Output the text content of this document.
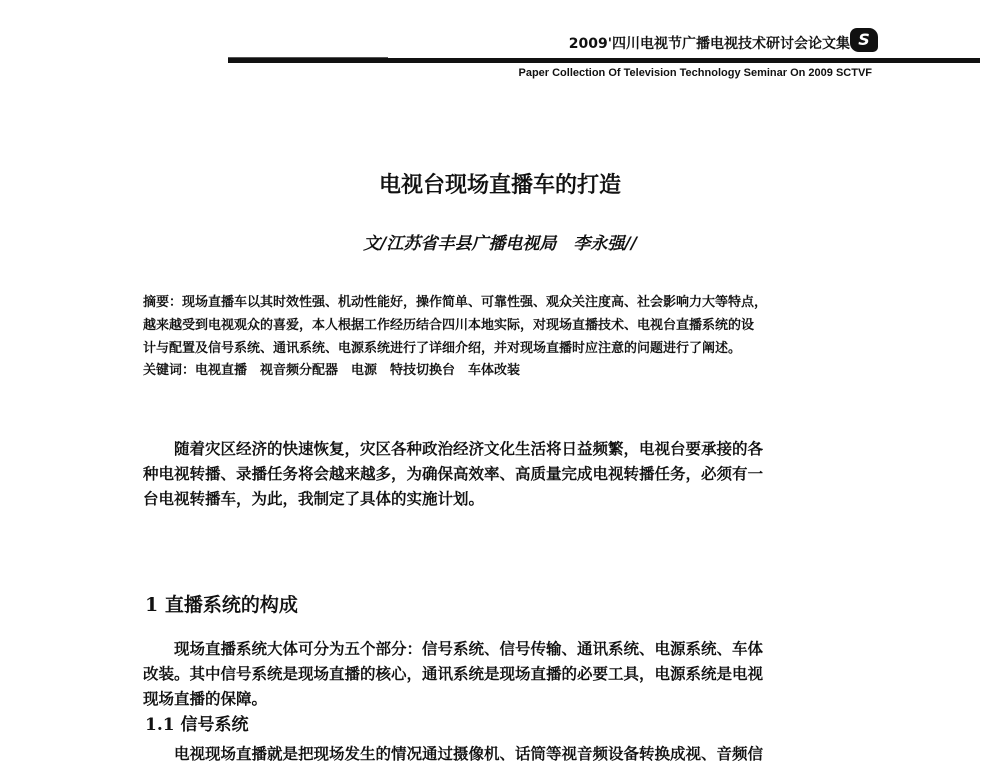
2009'四川电视节广播电视技术研讨会论文集 S
Paper Collection Of Television Technology Seminar On 2009 SCTVF
电视台现场直播车的打造
文/江苏省丰县广播电视局　李永强//
摘要：现场直播车以其时效性强、机动性能好，操作简单、可靠性强、观众关注度高、社会影响力大等特点，
越来越受到电视观众的喜爱，本人根据工作经历结合四川本地实际，对现场直播技术、电视台直播系统的设
计与配置及信号系统、通讯系统、电源系统进行了详细介绍，并对现场直播时应注意的问题进行了阐述。
关键词：电视直播　视音频分配器　电源　特技切换台　车体改装
　　随着灾区经济的快速恢复，灾区各种政治经济文化生活将日益频繁，电视台要承接的各
种电视转播、录播任务将会越来越多，为确保高效率、高质量完成电视转播任务，必须有一
台电视转播车，为此，我制定了具体的实施计划。
1 直播系统的构成
　　现场直播系统大体可分为五个部分：信号系统、信号传输、通讯系统、电源系统、车体
改装。其中信号系统是现场直播的核心，通讯系统是现场直播的必要工具，电源系统是电视
现场直播的保障。
1.1 信号系统
　　电视现场直播就是把现场发生的情况通过摄像机、话筒等视音频设备转换成视、音频信
